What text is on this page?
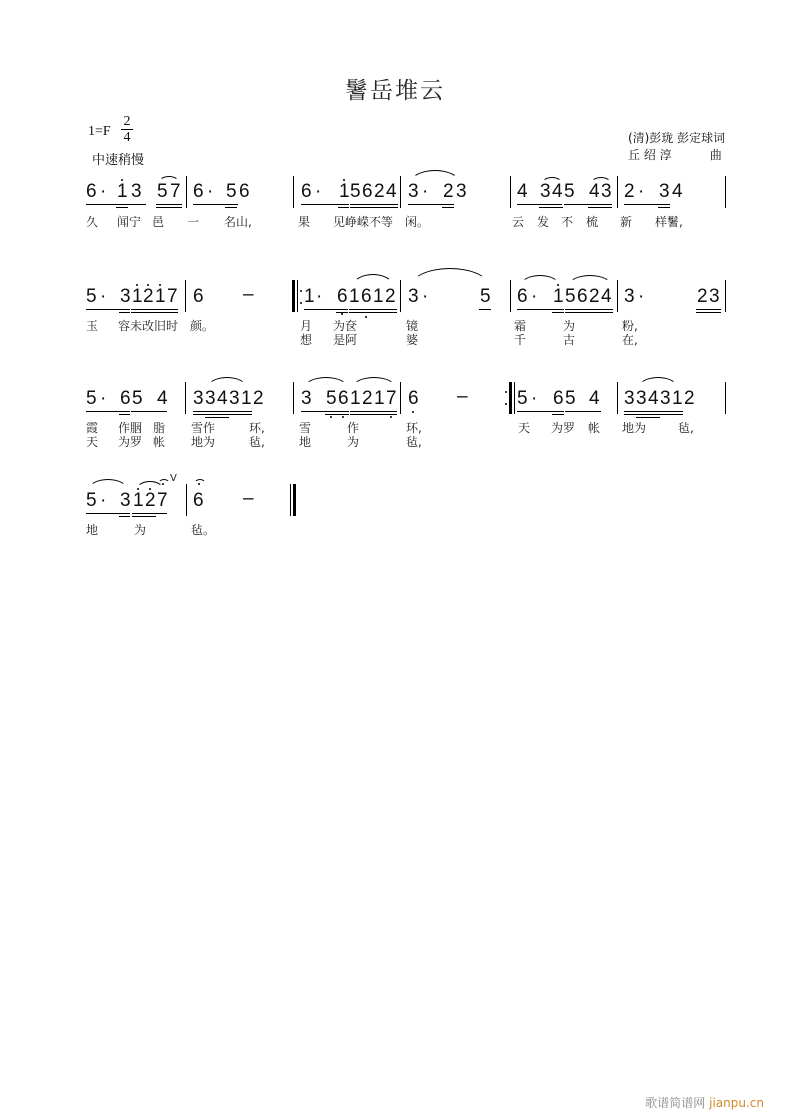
鬐岳堆云
1=F
2
4
中速稍慢
(清)彭珑 彭定球词
丘 绍 淳          曲
6 · 1 3 5 7 6 · 5 6	6 · 1 5 6 2 4 3 · 2 3	4 3 4 5 4 3 2 · 3 4
久 闻宁 邑 一 名山,	果 见峥嵘不等 闲。	云 发 不 梳 新 样鬐,
5 · 3 1 2 1 7 6 –	1 · 6 1 6 1 2 3 ·	5 6 · 1 5 6 2 4 3 ·	2 3
玉 容未改旧时 颜。	月 为奁	镜	霜	为	粉,
想 是阿	婆	千	古	在,
5 · 6 5 4 3 3 4 3 1 2 3 5 6 1 2 1 7 6 –	5 · 6 5 4 3 3 4 3 1 2
霞 作胭 脂 雪作	环,	雪	作	环,	天 为罗 帐 地为	毡,
天 为罗 帐 地为	毡,	地	为	毡,
5 · 3 1 2 7
V
6 –
地	为	毡。
歌谱简谱网 jianpu.cn
